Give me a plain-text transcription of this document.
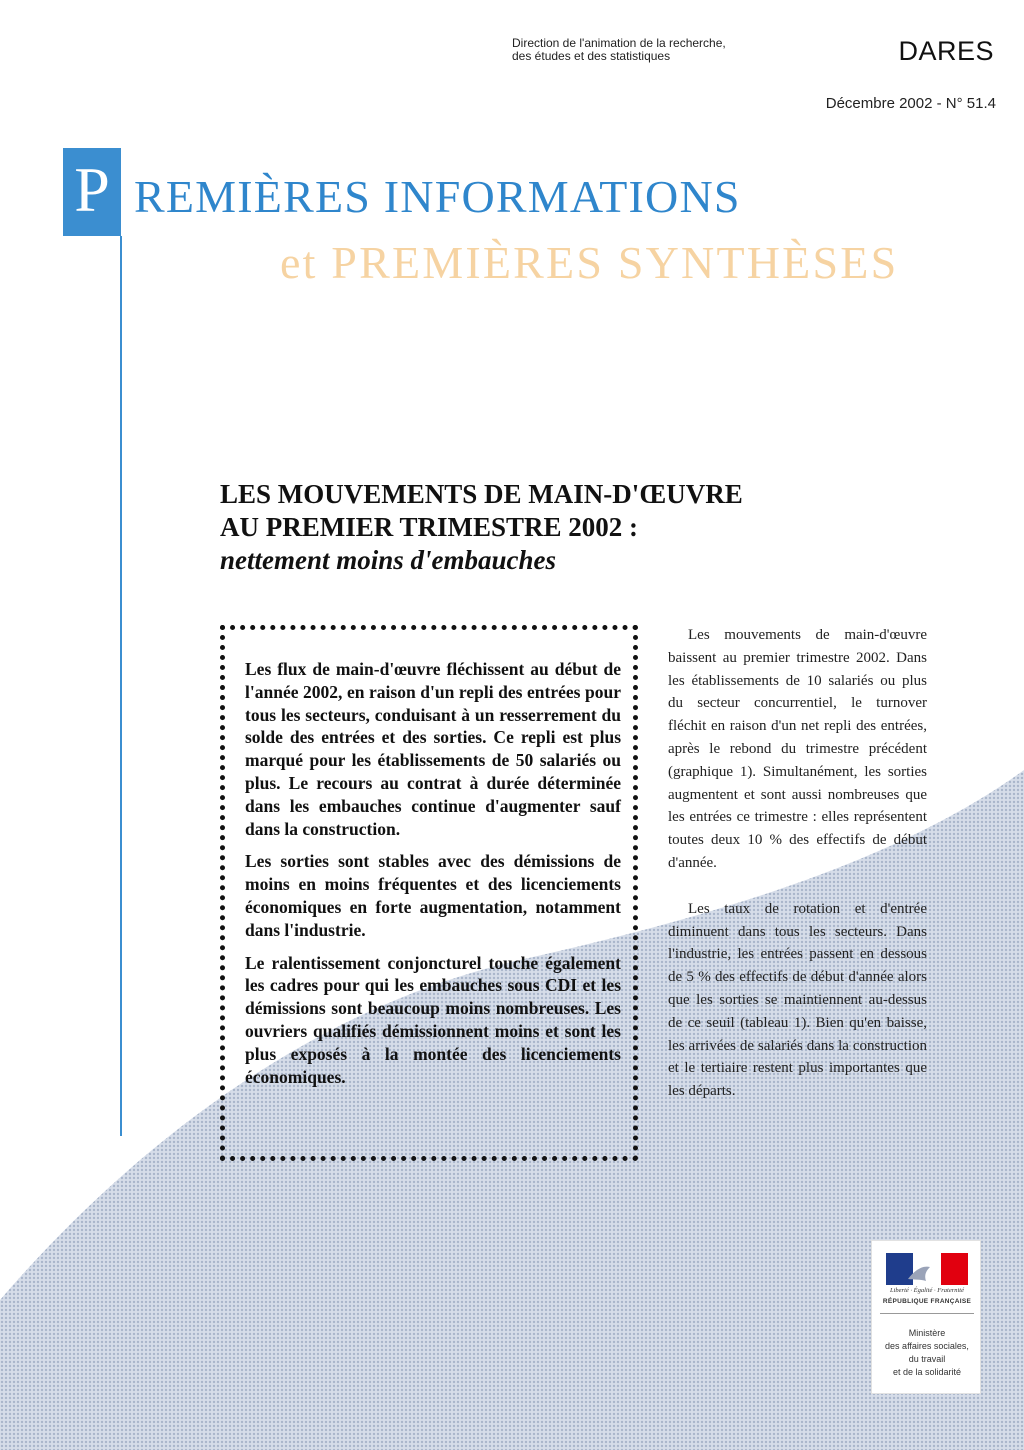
Direction de l'animation de la recherche,
des études et des statistiques	DARES
Décembre 2002 - N° 51.4
P REMIÈRES INFORMATIONS
et PREMIÈRES SYNTHÈSES
LES MOUVEMENTS DE MAIN-D'ŒUVRE
AU PREMIER TRIMESTRE 2002 :
nettement moins d'embauches

Les flux de main-d'œuvre fléchissent au début de l'année 2002, en raison d'un repli des entrées pour tous les secteurs, conduisant à un resserrement du solde des entrées et des sorties. Ce repli est plus marqué pour les établissements de 50 salariés ou plus. Le recours au contrat à durée déterminée dans les embauches continue d'augmenter sauf dans la construction.

Les sorties sont stables avec des démissions de moins en moins fréquentes et des licenciements économiques en forte augmentation, notamment dans l'industrie.

Le ralentissement conjoncturel touche également les cadres pour qui les embauches sous CDI et les démissions sont beaucoup moins nombreuses. Les ouvriers qualifiés démissionnent moins et sont les plus exposés à la montée des licenciements économiques.

Les mouvements de main-d'œuvre baissent au premier trimestre 2002. Dans les établissements de 10 salariés ou plus du secteur concurrentiel, le turnover fléchit en raison d'un net repli des entrées, après le rebond du trimestre précédent (graphique 1). Simultanément, les sorties augmentent et sont aussi nombreuses que les entrées ce trimestre : elles représentent toutes deux 10 % des effectifs de début d'année.

Les taux de rotation et d'entrée diminuent dans tous les secteurs. Dans l'industrie, les entrées passent en dessous de 5 % des effectifs de début d'année alors que les sorties se maintiennent au-dessus de ce seuil (tableau 1). Bien qu'en baisse, les arrivées de salariés dans la construction et le tertiaire restent plus importantes que les départs.

Liberté · Égalité · Fraternité
RÉPUBLIQUE FRANÇAISE
Ministère
des affaires sociales,
du travail
et de la solidarité
